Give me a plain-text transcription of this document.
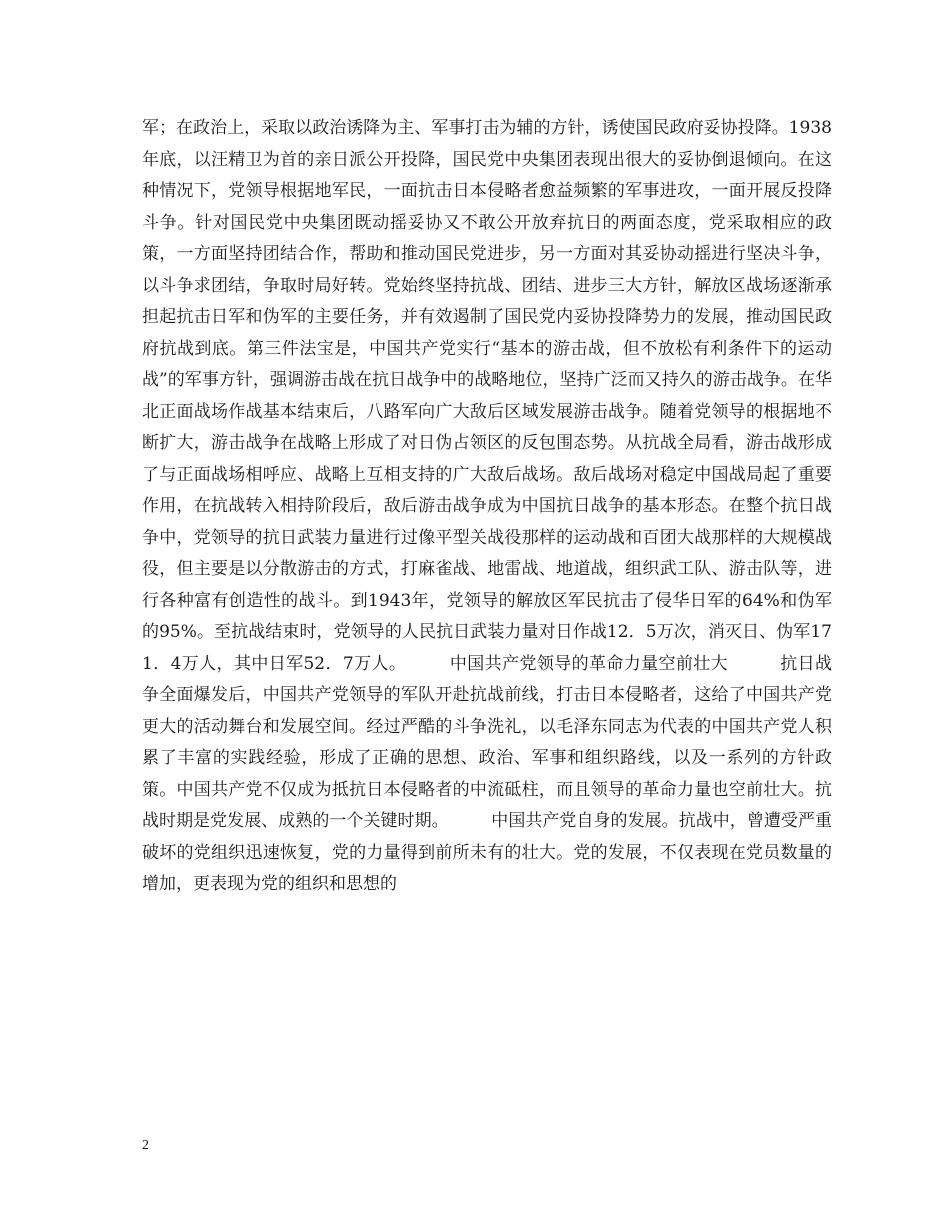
军；在政治上，采取以政治诱降为主、军事打击为辅的方针，诱使国民政府妥协投降。1938年底，以汪精卫为首的亲日派公开投降，国民党中央集团表现出很大的妥协倒退倾向。在这种情况下，党领导根据地军民，一面抗击日本侵略者愈益频繁的军事进攻，一面开展反投降斗争。针对国民党中央集团既动摇妥协又不敢公开放弃抗日的两面态度，党采取相应的政策，一方面坚持团结合作，帮助和推动国民党进步，另一方面对其妥协动摇进行坚决斗争，以斗争求团结，争取时局好转。党始终坚持抗战、团结、进步三大方针，解放区战场逐渐承担起抗击日军和伪军的主要任务，并有效遏制了国民党内妥协投降势力的发展，推动国民政府抗战到底。第三件法宝是，中国共产党实行“基本的游击战，但不放松有利条件下的运动战”的军事方针，强调游击战在抗日战争中的战略地位，坚持广泛而又持久的游击战争。在华北正面战场作战基本结束后，八路军向广大敌后区域发展游击战争。随着党领导的根据地不断扩大，游击战争在战略上形成了对日伪占领区的反包围态势。从抗战全局看，游击战形成了与正面战场相呼应、战略上互相支持的广大敌后战场。敌后战场对稳定中国战局起了重要作用，在抗战转入相持阶段后，敌后游击战争成为中国抗日战争的基本形态。在整个抗日战争中，党领导的抗日武装力量进行过像平型关战役那样的运动战和百团大战那样的大规模战役，但主要是以分散游击的方式，打麻雀战、地雷战、地道战，组织武工队、游击队等，进行各种富有创造性的战斗。到1943年，党领导的解放区军民抗击了侵华日军的64%和伪军的95%。至抗战结束时，党领导的人民抗日武装力量对日作战12．5万次，消灭日、伪军171．4万人，其中日军52．7万人。　　　中国共产党领导的革命力量空前壮大　　　抗日战争全面爆发后，中国共产党领导的军队开赴抗战前线，打击日本侵略者，这给了中国共产党更大的活动舞台和发展空间。经过严酷的斗争洗礼，以毛泽东同志为代表的中国共产党人积累了丰富的实践经验，形成了正确的思想、政治、军事和组织路线，以及一系列的方针政策。中国共产党不仅成为抵抗日本侵略者的中流砥柱，而且领导的革命力量也空前壮大。抗战时期是党发展、成熟的一个关键时期。　　　中国共产党自身的发展。抗战中，曾遭受严重破坏的党组织迅速恢复，党的力量得到前所未有的壮大。党的发展，不仅表现在党员数量的增加，更表现为党的组织和思想的

2
